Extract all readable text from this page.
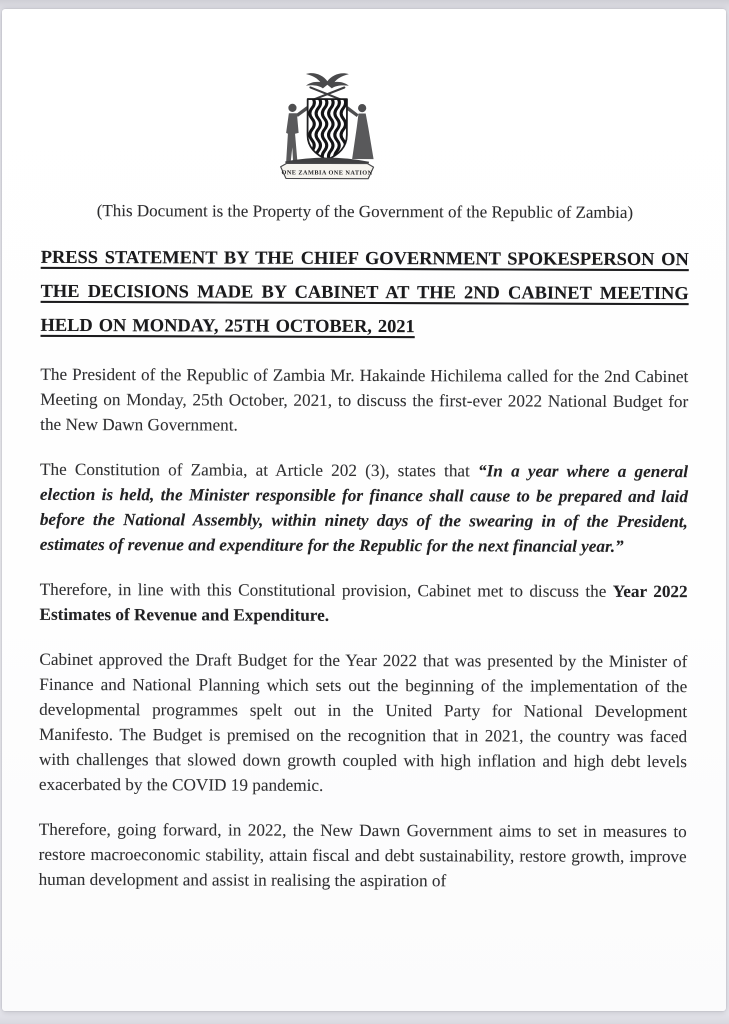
ONE ZAMBIA ONE NATION

(This Document is the Property of the Government of the Republic of Zambia)

PRESS STATEMENT BY THE CHIEF GOVERNMENT SPOKESPERSON ON THE DECISIONS MADE BY CABINET AT THE 2ND CABINET MEETING HELD ON MONDAY, 25TH OCTOBER, 2021

The President of the Republic of Zambia Mr. Hakainde Hichilema called for the 2nd Cabinet Meeting on Monday, 25th October, 2021, to discuss the first-ever 2022 National Budget for the New Dawn Government.

The Constitution of Zambia, at Article 202 (3), states that “In a year where a general election is held, the Minister responsible for finance shall cause to be prepared and laid before the National Assembly, within ninety days of the swearing in of the President, estimates of revenue and expenditure for the Republic for the next financial year.”

Therefore, in line with this Constitutional provision, Cabinet met to discuss the Year 2022 Estimates of Revenue and Expenditure.

Cabinet approved the Draft Budget for the Year 2022 that was presented by the Minister of Finance and National Planning which sets out the beginning of the implementation of the developmental programmes spelt out in the United Party for National Development Manifesto. The Budget is premised on the recognition that in 2021, the country was faced with challenges that slowed down growth coupled with high inflation and high debt levels exacerbated by the COVID 19 pandemic.

Therefore, going forward, in 2022, the New Dawn Government aims to set in measures to restore macroeconomic stability, attain fiscal and debt sustainability, restore growth, improve human development and assist in realising the aspiration of
